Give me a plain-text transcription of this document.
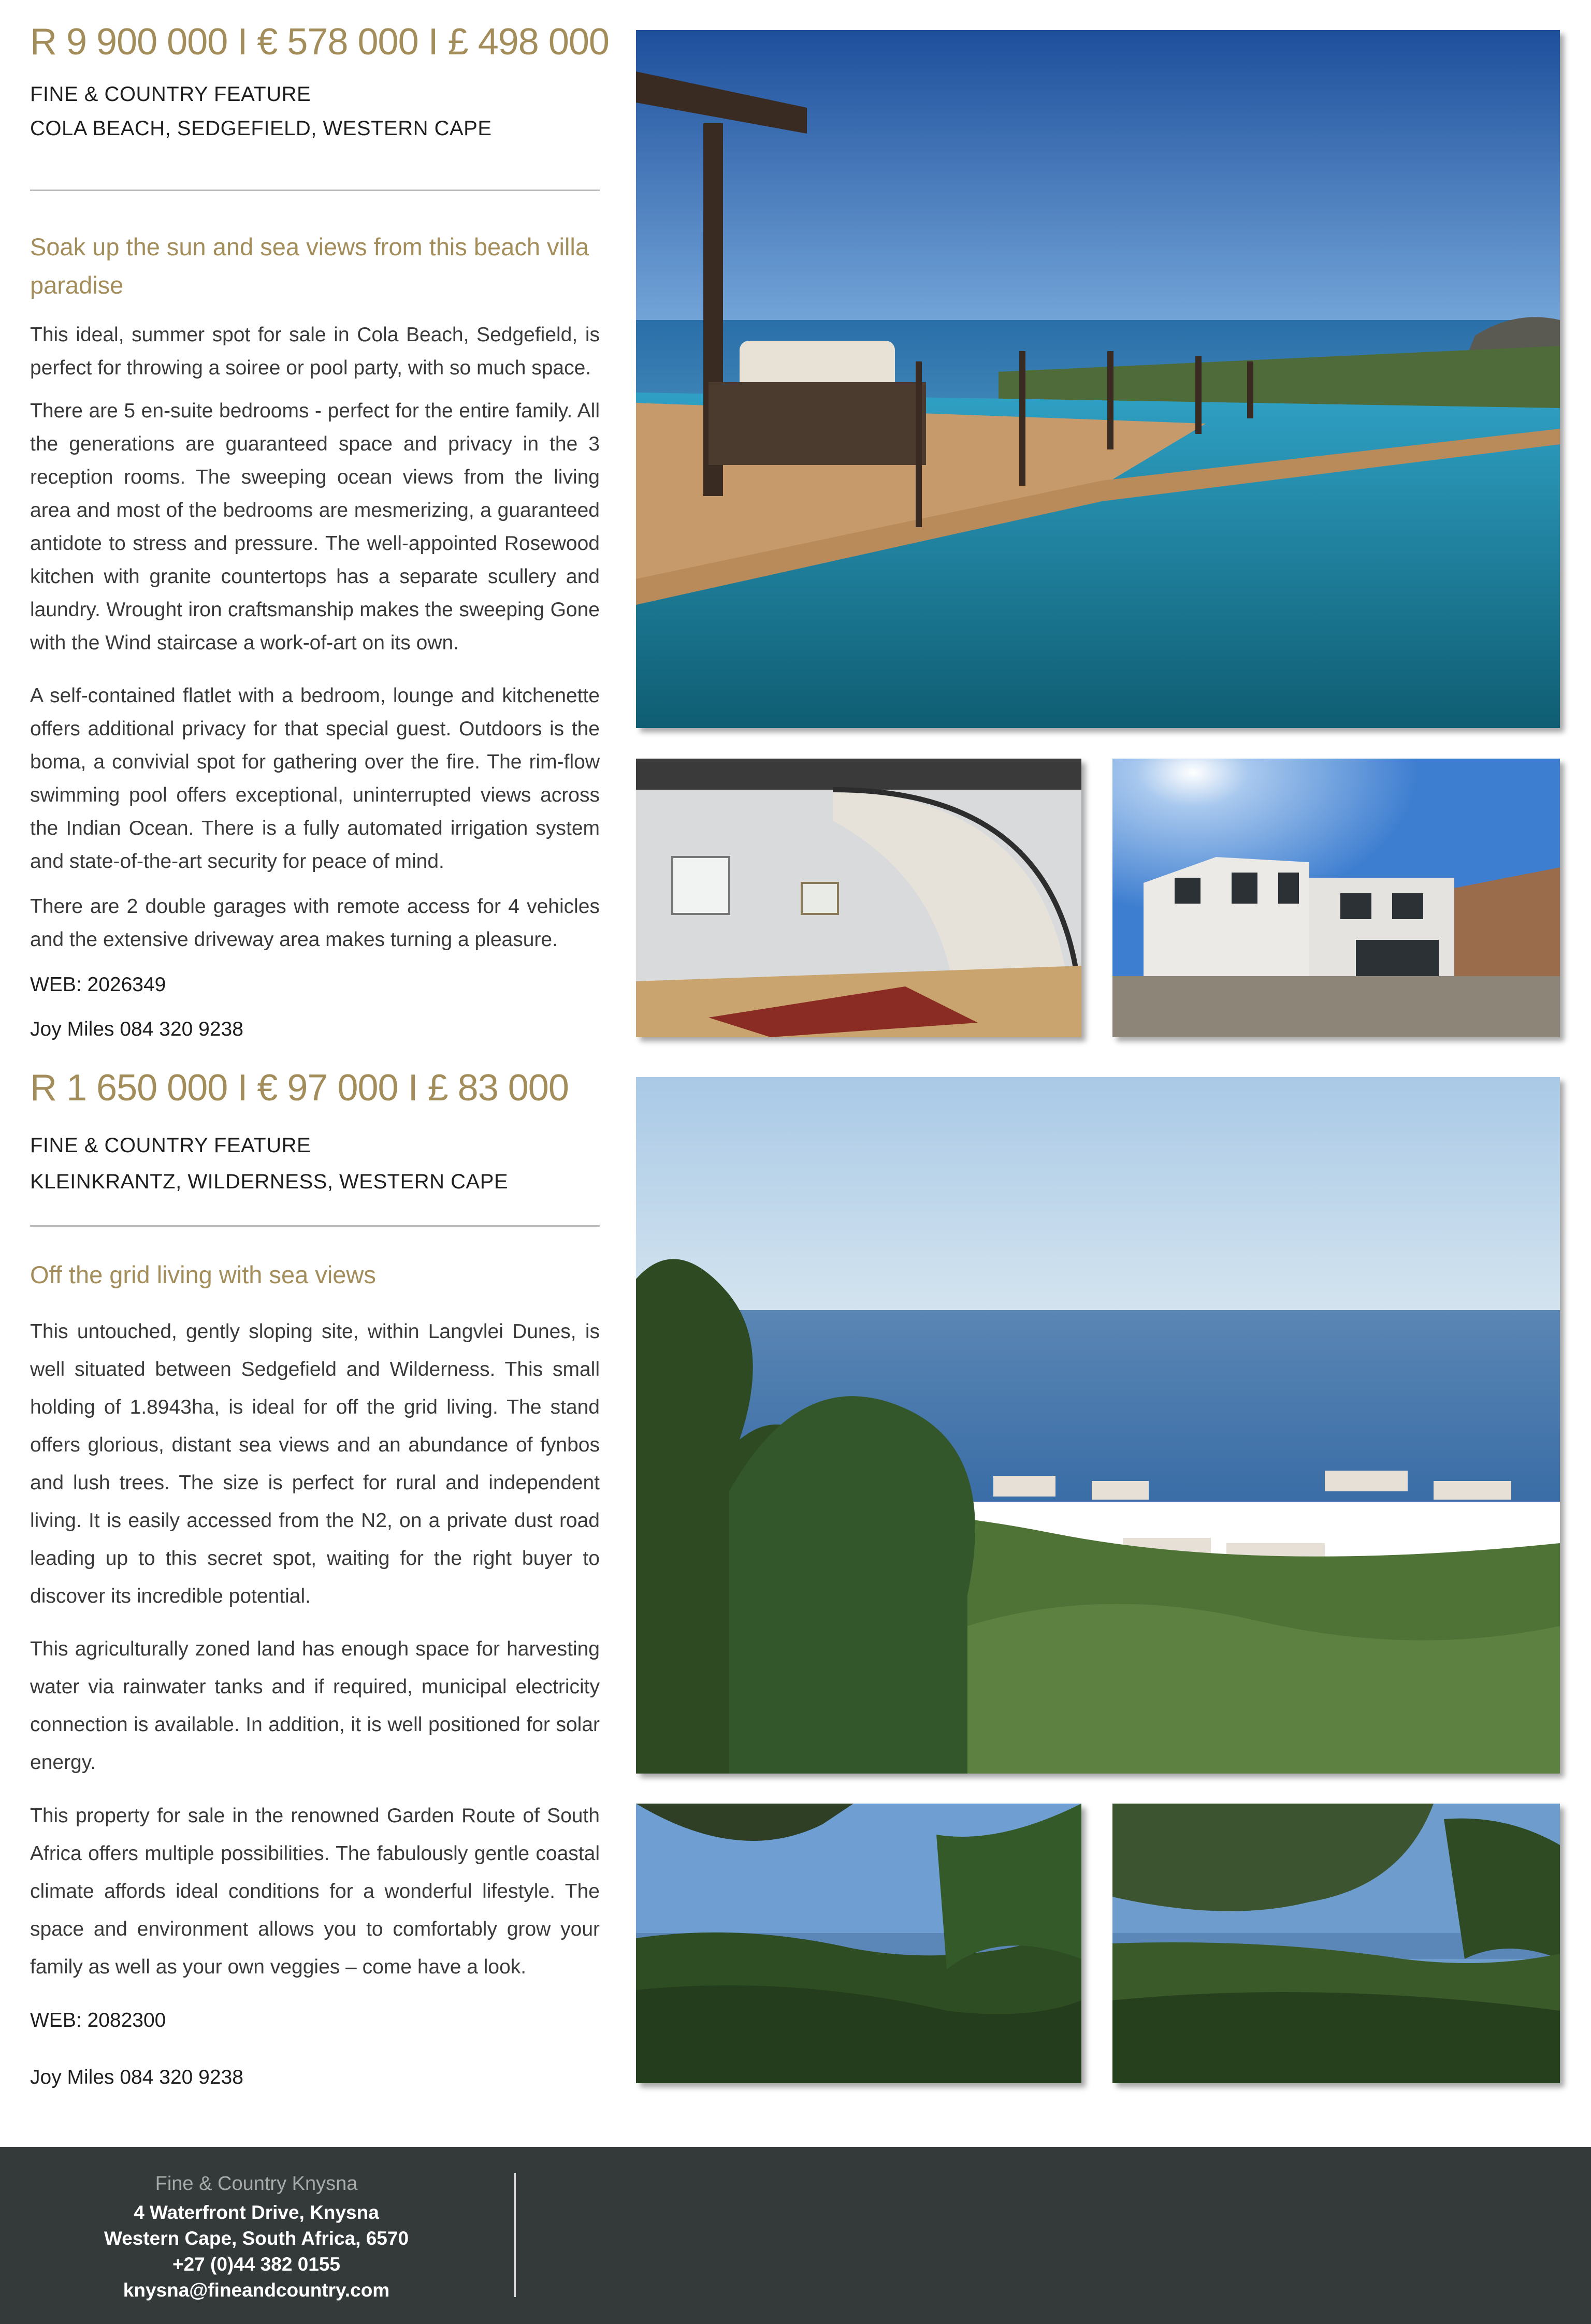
R 9 900 000 I € 578 000 I £ 498 000
FINE & COUNTRY FEATURE
COLA BEACH, SEDGEFIELD, WESTERN CAPE
Soak up the sun and sea views from this beach villa paradise

This ideal, summer spot for sale in Cola Beach, Sedgefield, is perfect for throwing a soiree or pool party, with so much space.

There are 5 en-suite bedrooms - perfect for the entire family. All the generations are guaranteed space and privacy in the 3 reception rooms. The sweeping ocean views from the living area and most of the bedrooms are mesmerizing, a guaranteed antidote to stress and pressure. The well-appointed Rosewood kitchen with granite countertops has a separate scullery and laundry. Wrought iron craftsmanship makes the sweeping Gone with the Wind staircase a work-of-art on its own.

A self-contained flatlet with a bedroom, lounge and kitchenette offers additional privacy for that special guest. Outdoors is the boma, a convivial spot for gathering over the fire. The rim-flow swimming pool offers exceptional, uninterrupted views across the Indian Ocean. There is a fully automated irrigation system and state-of-the-art security for peace of mind.

There are 2 double garages with remote access for 4 vehicles and the extensive driveway area makes turning a pleasure.

WEB: 2026349
Joy Miles 084 320 9238
R 1 650 000 I € 97 000 I £ 83 000
FINE & COUNTRY FEATURE
KLEINKRANTZ, WILDERNESS, WESTERN CAPE
Off the grid living with sea views

This untouched, gently sloping site, within Langvlei Dunes, is well situated between Sedgefield and Wilderness. This small holding of 1.8943ha, is ideal for off the grid living. The stand offers glorious, distant sea views and an abundance of fynbos and lush trees. The size is perfect for rural and independent living. It is easily accessed from the N2, on a private dust road leading up to this secret spot, waiting for the right buyer to discover its incredible potential.

This agriculturally zoned land has enough space for harvesting water via rainwater tanks and if required, municipal electricity connection is available. In addition, it is well positioned for solar energy.

This property for sale in the renowned Garden Route of South Africa offers multiple possibilities. The fabulously gentle coastal climate affords ideal conditions for a wonderful lifestyle. The space and environment allows you to comfortably grow your family as well as your own veggies – come have a look.

WEB: 2082300
Joy Miles 084 320 9238
Fine & Country Knysna
4 Waterfront Drive, Knysna
Western Cape, South Africa, 6570
+27 (0)44 382 0155
knysna@fineandcountry.com
